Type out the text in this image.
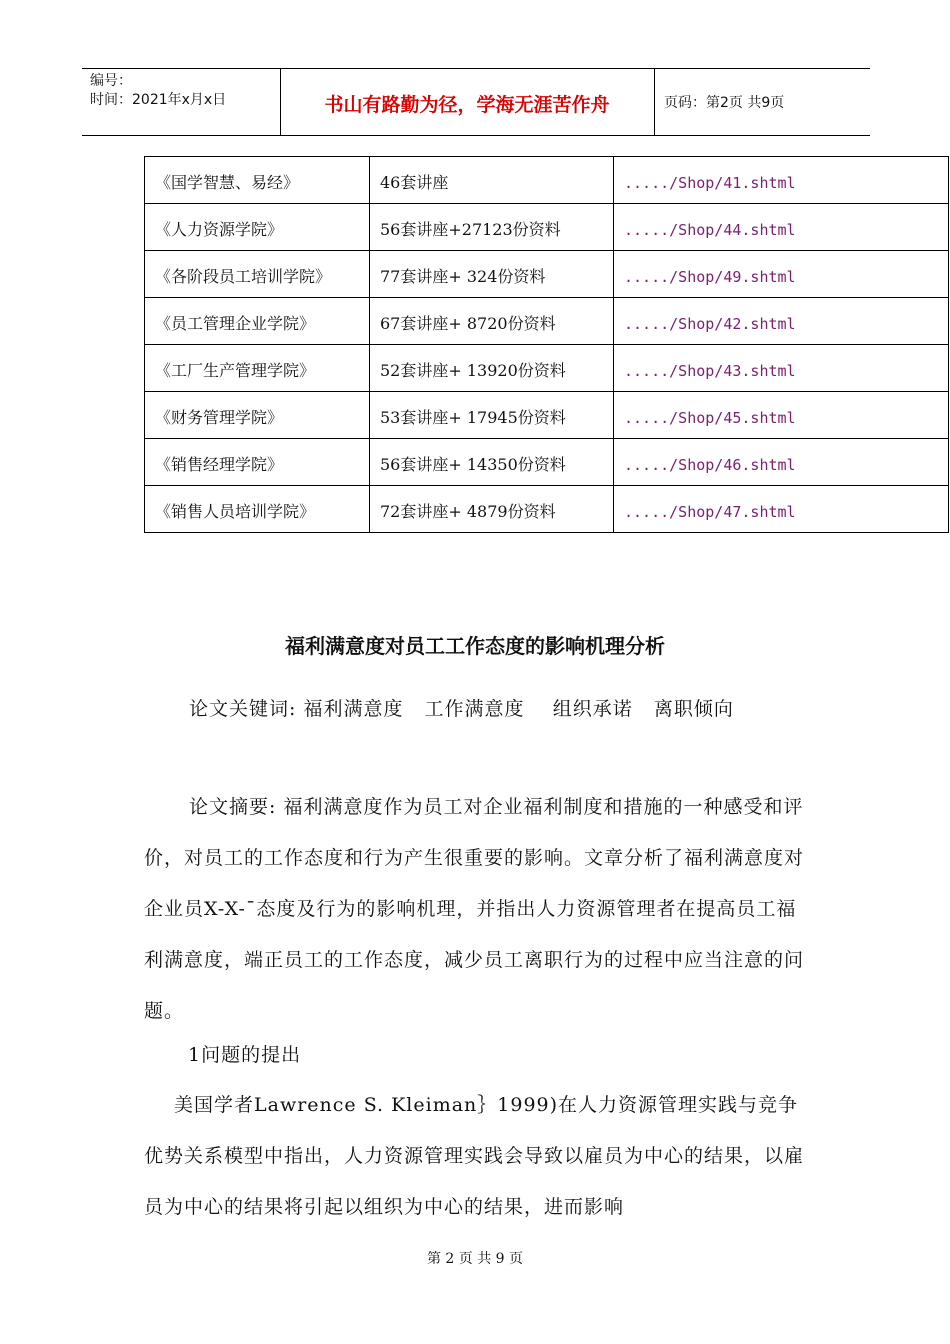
编号：
时间：2021年x月x日	书山有路勤为径，学海无涯苦作舟	页码：第2页 共9页
《国学智慧、易经》	46套讲座	...../Shop/41.shtml
《人力资源学院》	56套讲座+27123份资料	...../Shop/44.shtml
《各阶段员工培训学院》	77套讲座+ 324份资料	...../Shop/49.shtml
《员工管理企业学院》	67套讲座+ 8720份资料	...../Shop/42.shtml
《工厂生产管理学院》	52套讲座+ 13920份资料	...../Shop/43.shtml
《财务管理学院》	53套讲座+ 17945份资料	...../Shop/45.shtml
《销售经理学院》	56套讲座+ 14350份资料	...../Shop/46.shtml
《销售人员培训学院》	72套讲座+ 4879份资料	...../Shop/47.shtml
福利满意度对员工工作态度的影响机理分析
论文关键词: 福利满意度   工作满意度    组织承诺   离职倾向
论文摘要: 福利满意度作为员工对企业福利制度和措施的一种感受和评价，对员工的工作态度和行为产生很重要的影响。文章分析了福利满意度对企业员X-X-¯态度及行为的影响机理，并指出人力资源管理者在提高员工福利满意度，端正员工的工作态度，减少员工离职行为的过程中应当注意的问题。
1问题的提出
美国学者Lawrence S. Kleiman｝1999)在人力资源管理实践与竞争优势关系模型中指出，人力资源管理实践会导致以雇员为中心的结果，以雇员为中心的结果将引起以组织为中心的结果，进而影响
第 2 页 共 9 页
